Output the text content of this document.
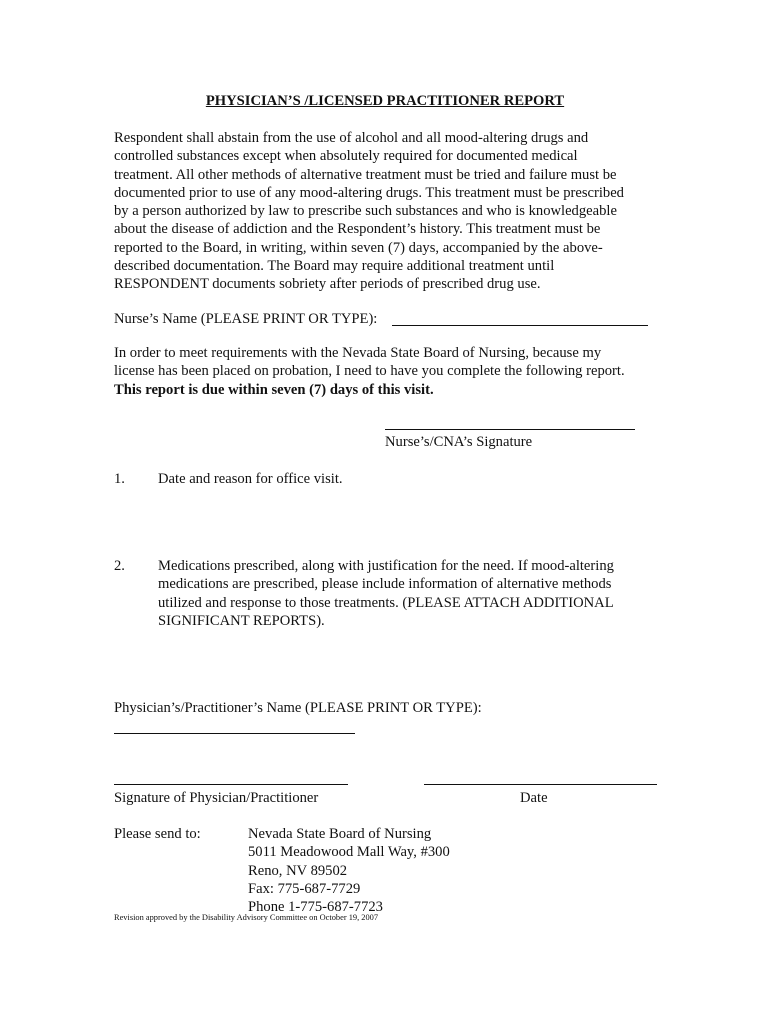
PHYSICIAN’S /LICENSED PRACTITIONER REPORT
Respondent shall abstain from the use of alcohol and all mood-altering drugs and
controlled substances except when absolutely required for documented medical
treatment. All other methods of alternative treatment must be tried and failure must be
documented prior to use of any mood-altering drugs. This treatment must be prescribed
by a person authorized by law to prescribe such substances and who is knowledgeable
about the disease of addiction and the Respondent’s history. This treatment must be
reported to the Board, in writing, within seven (7) days, accompanied by the above-
described documentation. The Board may require additional treatment until
RESPONDENT documents sobriety after periods of prescribed drug use.
Nurse’s Name (PLEASE PRINT OR TYPE):
In order to meet requirements with the Nevada State Board of Nursing, because my
license has been placed on probation, I need to have you complete the following report.
This report is due within seven (7) days of this visit.
Nurse’s/CNA’s Signature
1. Date and reason for office visit.
2. Medications prescribed, along with justification for the need. If mood-altering
medications are prescribed, please include information of alternative methods
utilized and response to those treatments. (PLEASE ATTACH ADDITIONAL
SIGNIFICANT REPORTS).
Physician’s/Practitioner’s Name (PLEASE PRINT OR TYPE):
Signature of Physician/Practitioner	Date
Please send to:	Nevada State Board of Nursing
5011 Meadowood Mall Way, #300
Reno, NV 89502
Fax: 775-687-7729
Phone 1-775-687-7723
Revision approved by the Disability Advisory Committee on October 19, 2007
